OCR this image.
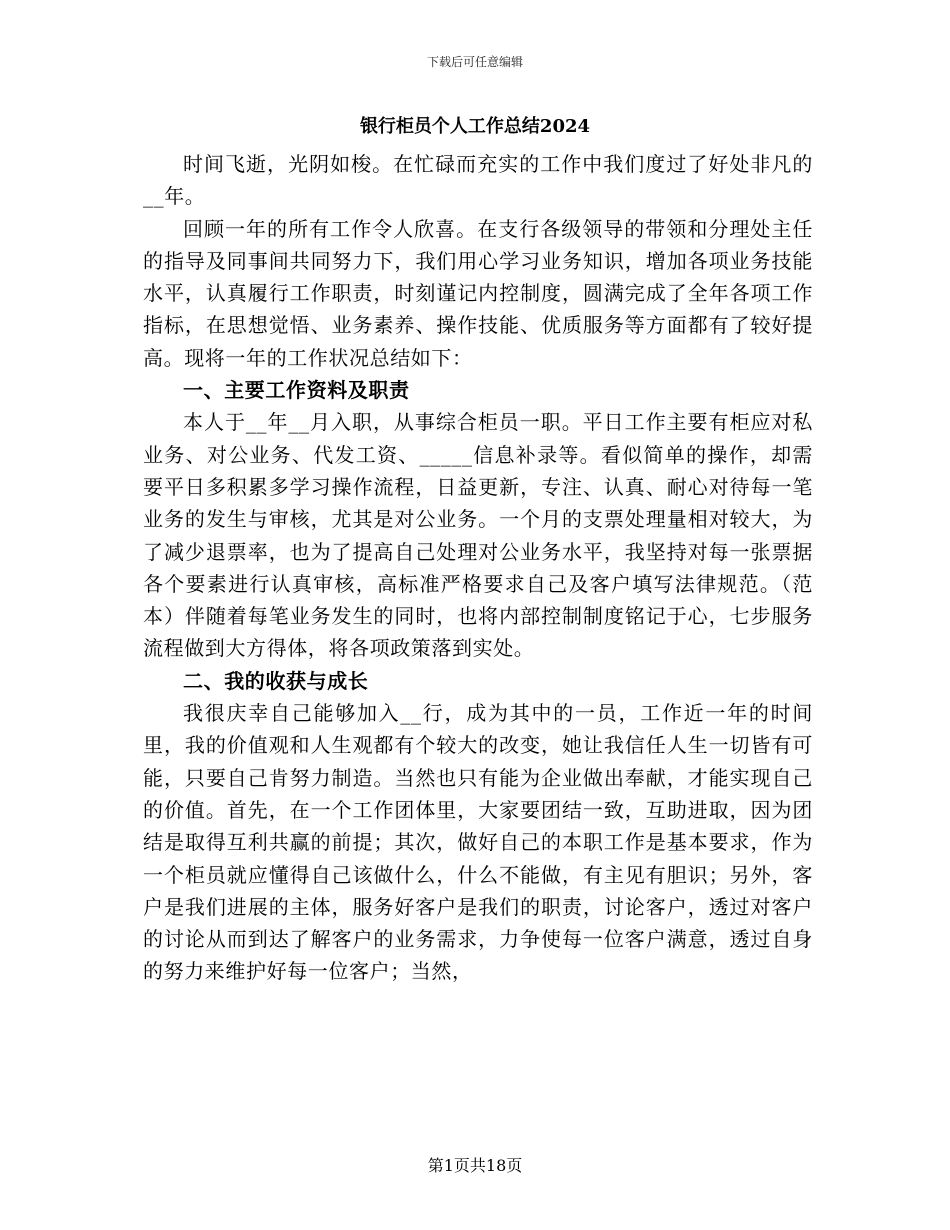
下载后可任意编辑
银行柜员个人工作总结2024

时间飞逝，光阴如梭。在忙碌而充实的工作中我们度过了好处非凡的__年。

回顾一年的所有工作令人欣喜。在支行各级领导的带领和分理处主任的指导及同事间共同努力下，我们用心学习业务知识，增加各项业务技能水平，认真履行工作职责，时刻谨记内控制度，圆满完成了全年各项工作指标，在思想觉悟、业务素养、操作技能、优质服务等方面都有了较好提高。现将一年的工作状况总结如下：

一、主要工作资料及职责

本人于__年__月入职，从事综合柜员一职。平日工作主要有柜应对私业务、对公业务、代发工资、_____信息补录等。看似简单的操作，却需要平日多积累多学习操作流程，日益更新，专注、认真、耐心对待每一笔业务的发生与审核，尤其是对公业务。一个月的支票处理量相对较大，为了减少退票率，也为了提高自己处理对公业务水平，我坚持对每一张票据各个要素进行认真审核，高标准严格要求自己及客户填写法律规范。（范本）伴随着每笔业务发生的同时，也将内部控制制度铭记于心，七步服务流程做到大方得体，将各项政策落到实处。

二、我的收获与成长

我很庆幸自己能够加入__行，成为其中的一员，工作近一年的时间里，我的价值观和人生观都有个较大的改变，她让我信任人生一切皆有可能，只要自己肯努力制造。当然也只有能为企业做出奉献，才能实现自己的价值。首先，在一个工作团体里，大家要团结一致，互助进取，因为团结是取得互利共赢的前提；其次，做好自己的本职工作是基本要求，作为一个柜员就应懂得自己该做什么，什么不能做，有主见有胆识；另外，客户是我们进展的主体，服务好客户是我们的职责，讨论客户，透过对客户的讨论从而到达了解客户的业务需求，力争使每一位客户满意，透过自身的努力来维护好每一位客户；当然，

第1页共18页
